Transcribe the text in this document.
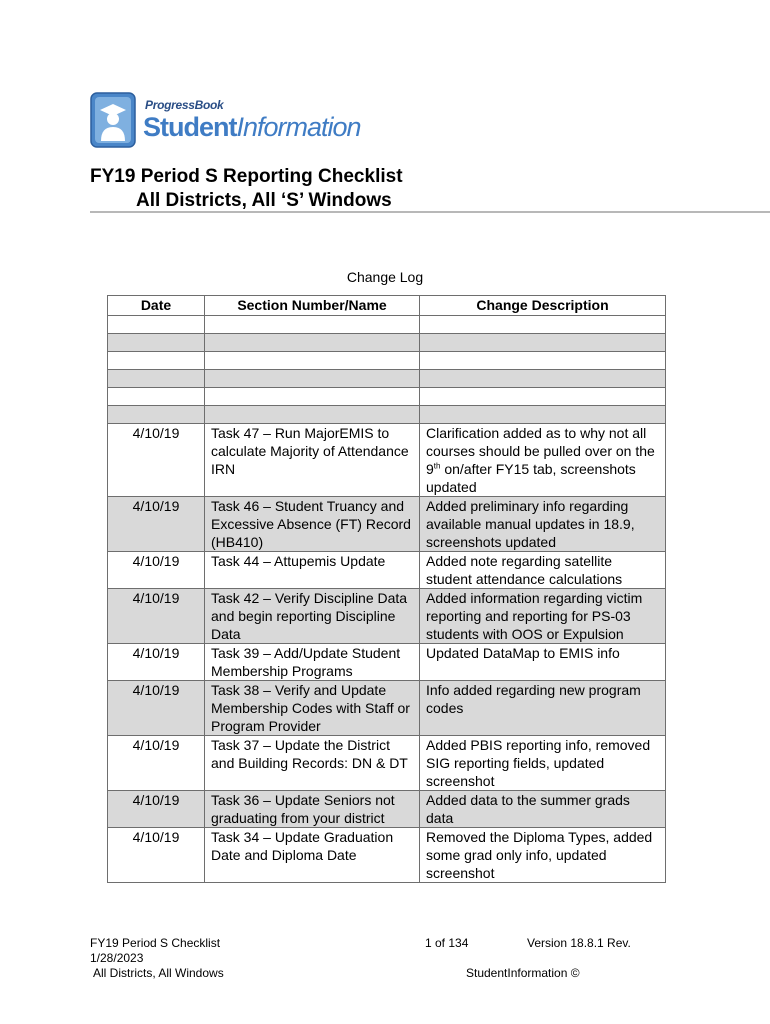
ProgressBook
StudentInformation
FY19 Period S Reporting Checklist
All Districts, All ‘S’ Windows
Change Log
Date	Section Number/Name	Change Description

4/10/19	Task 47 – Run MajorEMIS to calculate Majority of Attendance IRN	Clarification added as to why not all courses should be pulled over on the 9th on/after FY15 tab, screenshots updated
4/10/19	Task 46 – Student Truancy and Excessive Absence (FT) Record (HB410)	Added preliminary info regarding available manual updates in 18.9, screenshots updated
4/10/19	Task 44 – Attupemis Update	Added note regarding satellite student attendance calculations
4/10/19	Task 42 – Verify Discipline Data and begin reporting Discipline Data	Added information regarding victim reporting and reporting for PS-03 students with OOS or Expulsion
4/10/19	Task 39 – Add/Update Student Membership Programs	Updated DataMap to EMIS info
4/10/19	Task 38 – Verify and Update Membership Codes with Staff or Program Provider	Info added regarding new program codes
4/10/19	Task 37 – Update the District and Building Records: DN & DT	Added PBIS reporting info, removed SIG reporting fields, updated screenshot
4/10/19	Task 36 – Update Seniors not graduating from your district	Added data to the summer grads data
4/10/19	Task 34 – Update Graduation Date and Diploma Date	Removed the Diploma Types, added some grad only info, updated screenshot
FY19 Period S Checklist
1/28/2023
All Districts, All Windows
1 of 134	Version 18.8.1 Rev.
StudentInformation ©
